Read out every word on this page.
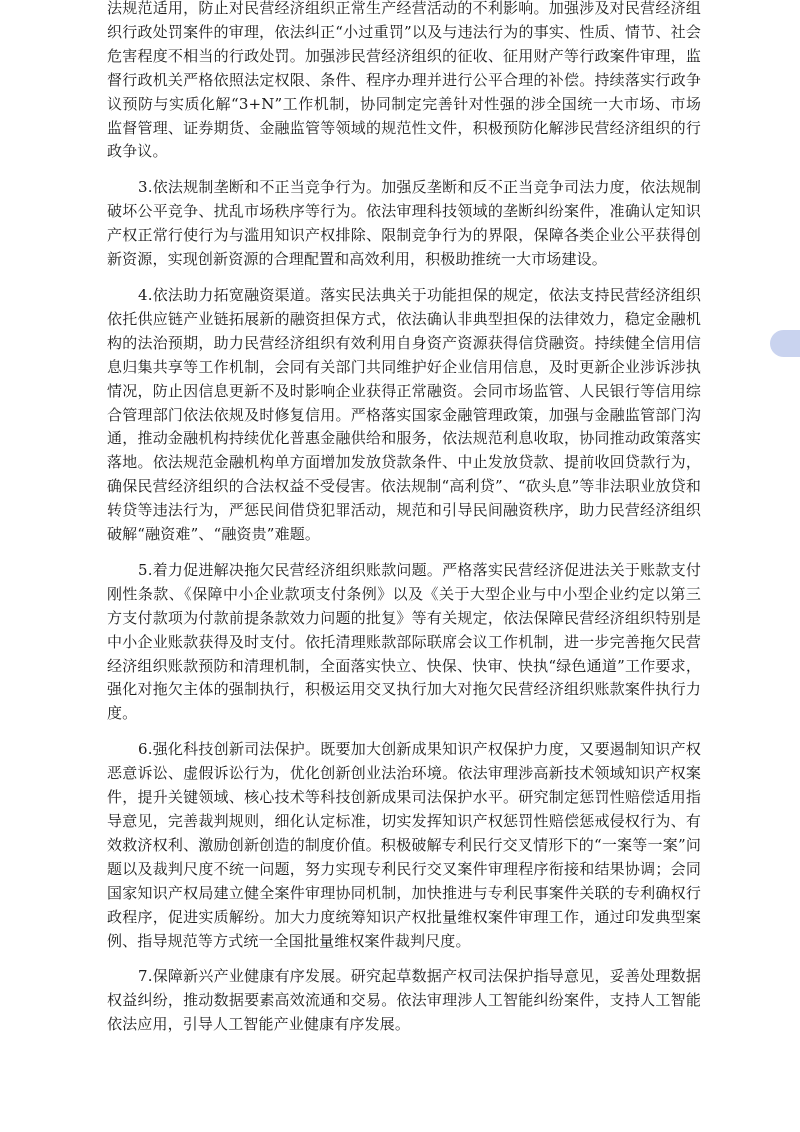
法规范适用，防止对民营经济组织正常生产经营活动的不利影响。加强涉及对民营经济组织行政处罚案件的审理，依法纠正“小过重罚”以及与违法行为的事实、性质、情节、社会危害程度不相当的行政处罚。加强涉民营经济组织的征收、征用财产等行政案件审理，监督行政机关严格依照法定权限、条件、程序办理并进行公平合理的补偿。持续落实行政争议预防与实质化解“3+N”工作机制，协同制定完善针对性强的涉全国统一大市场、市场监督管理、证券期货、金融监管等领域的规范性文件，积极预防化解涉民营经济组织的行政争议。

3.依法规制垄断和不正当竞争行为。加强反垄断和反不正当竞争司法力度，依法规制破坏公平竞争、扰乱市场秩序等行为。依法审理科技领域的垄断纠纷案件，准确认定知识产权正常行使行为与滥用知识产权排除、限制竞争行为的界限，保障各类企业公平获得创新资源，实现创新资源的合理配置和高效利用，积极助推统一大市场建设。

4.依法助力拓宽融资渠道。落实民法典关于功能担保的规定，依法支持民营经济组织依托供应链产业链拓展新的融资担保方式，依法确认非典型担保的法律效力，稳定金融机构的法治预期，助力民营经济组织有效利用自身资产资源获得信贷融资。持续健全信用信息归集共享等工作机制，会同有关部门共同维护好企业信用信息，及时更新企业涉诉涉执情况，防止因信息更新不及时影响企业获得正常融资。会同市场监管、人民银行等信用综合管理部门依法依规及时修复信用。严格落实国家金融管理政策，加强与金融监管部门沟通，推动金融机构持续优化普惠金融供给和服务，依法规范利息收取，协同推动政策落实落地。依法规范金融机构单方面增加发放贷款条件、中止发放贷款、提前收回贷款行为，确保民营经济组织的合法权益不受侵害。依法规制“高利贷”、“砍头息”等非法职业放贷和转贷等违法行为，严惩民间借贷犯罪活动，规范和引导民间融资秩序，助力民营经济组织破解“融资难”、“融资贵”难题。

5.着力促进解决拖欠民营经济组织账款问题。严格落实民营经济促进法关于账款支付刚性条款、《保障中小企业款项支付条例》以及《关于大型企业与中小型企业约定以第三方支付款项为付款前提条款效力问题的批复》等有关规定，依法保障民营经济组织特别是中小企业账款获得及时支付。依托清理账款部际联席会议工作机制，进一步完善拖欠民营经济组织账款预防和清理机制，全面落实快立、快保、快审、快执“绿色通道”工作要求，强化对拖欠主体的强制执行，积极运用交叉执行加大对拖欠民营经济组织账款案件执行力度。

6.强化科技创新司法保护。既要加大创新成果知识产权保护力度，又要遏制知识产权恶意诉讼、虚假诉讼行为，优化创新创业法治环境。依法审理涉高新技术领域知识产权案件，提升关键领域、核心技术等科技创新成果司法保护水平。研究制定惩罚性赔偿适用指导意见，完善裁判规则，细化认定标准，切实发挥知识产权惩罚性赔偿惩戒侵权行为、有效救济权利、激励创新创造的制度价值。积极破解专利民行交叉情形下的“一案等一案”问题以及裁判尺度不统一问题，努力实现专利民行交叉案件审理程序衔接和结果协调；会同国家知识产权局建立健全案件审理协同机制，加快推进与专利民事案件关联的专利确权行政程序，促进实质解纷。加大力度统筹知识产权批量维权案件审理工作，通过印发典型案例、指导规范等方式统一全国批量维权案件裁判尺度。

7.保障新兴产业健康有序发展。研究起草数据产权司法保护指导意见，妥善处理数据权益纠纷，推动数据要素高效流通和交易。依法审理涉人工智能纠纷案件，支持人工智能依法应用，引导人工智能产业健康有序发展。
